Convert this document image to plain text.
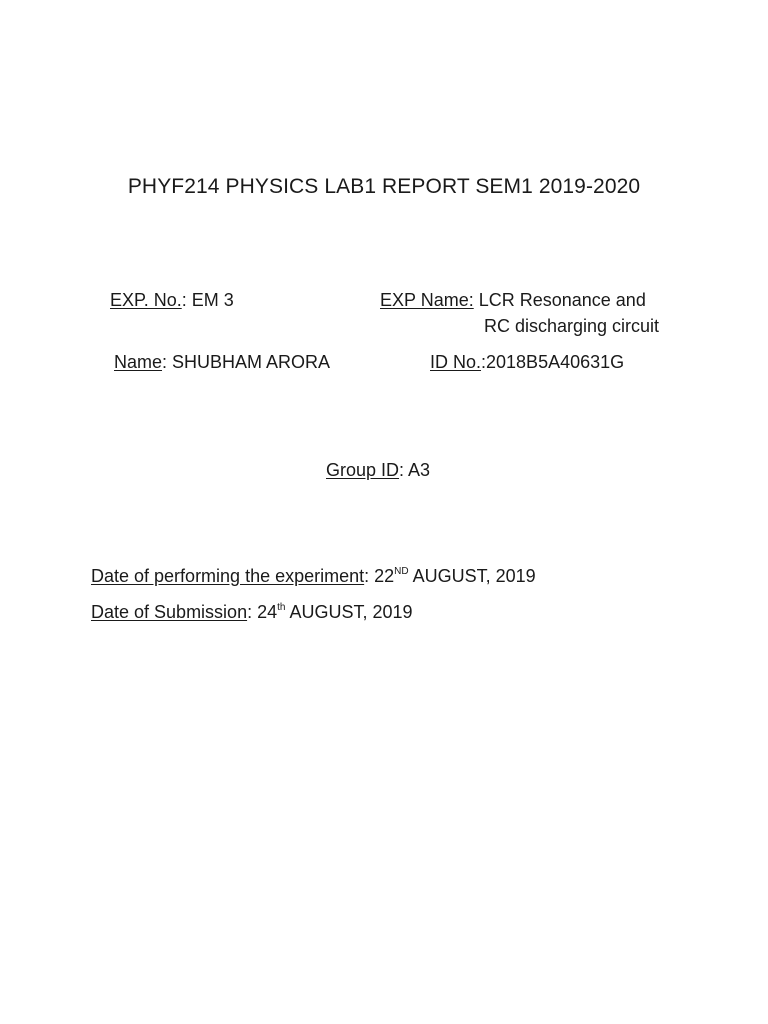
PHYF214 PHYSICS LAB1 REPORT SEM1 2019-2020
EXP. No.: EM 3	EXP Name: LCR Resonance and
RC discharging circuit
Name: SHUBHAM ARORA	ID No.:2018B5A40631G
Group ID: A3
Date of performing the experiment: 22ND AUGUST, 2019
Date of Submission: 24th AUGUST, 2019
